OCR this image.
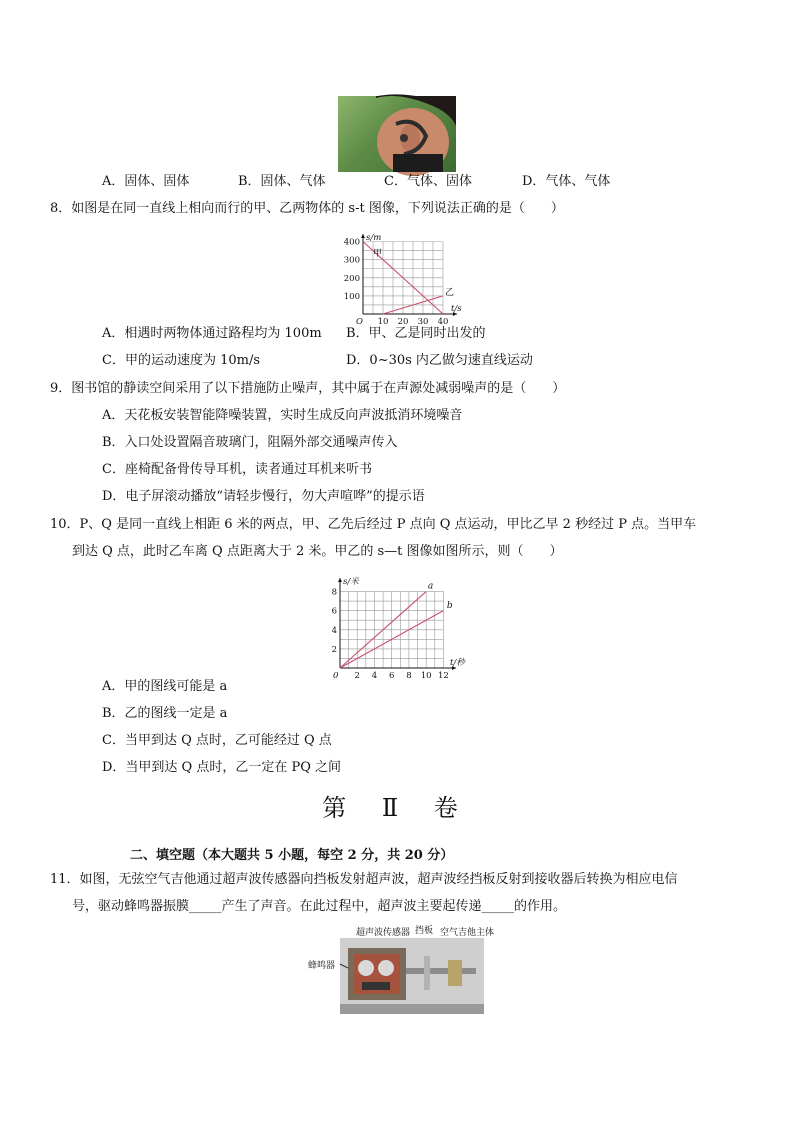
A．固体、固体	B．固体、气体	C．气体、固体	D．气体、气体
8．如图是在同一直线上相向而行的甲、乙两物体的 s-t 图像，下列说法正确的是（　　）
10 20 30 40
100
200
300
400
O
s/m
t/s
甲
乙
A．相遇时两物体通过路程均为 100m B．甲、乙是同时出发的
C．甲的运动速度为 10m/s	D．0~30s 内乙做匀速直线运动
9．图书馆的静读空间采用了以下措施防止噪声，其中属于在声源处减弱噪声的是（　　）
A．天花板安装智能降噪装置，实时生成反向声波抵消环境噪音
B．入口处设置隔音玻璃门，阻隔外部交通噪声传入
C．座椅配备骨传导耳机，读者通过耳机来听书
D．电子屏滚动播放“请轻步慢行，勿大声喧哗”的提示语
10．P、Q 是同一直线上相距 6 米的两点，甲、乙先后经过 P 点向 Q 点运动，甲比乙早 2 秒经过 P 点。当甲车
到达 Q 点，此时乙车离 Q 点距离大于 2 米。甲乙的 s—t 图像如图所示，则（　　）
2 4 6 8 10 12
2
4
6
8
0
s/米
t/秒
a
b
A．甲的图线可能是 a
B．乙的图线一定是 a
C．当甲到达 Q 点时，乙可能经过 Q 点
D．当甲到达 Q 点时，乙一定在 PQ 之间
第 Ⅱ 卷
二、填空题（本大题共 5 小题，每空 2 分，共 20 分）
11．如图，无弦空气吉他通过超声波传感器向挡板发射超声波，超声波经挡板反射到接收器后转换为相应电信
号，驱动蜂鸣器振膜_____产生了声音。在此过程中，超声波主要起传递_____的作用。
超声波传感器 挡板 空气吉他主体
蜂鸣器
